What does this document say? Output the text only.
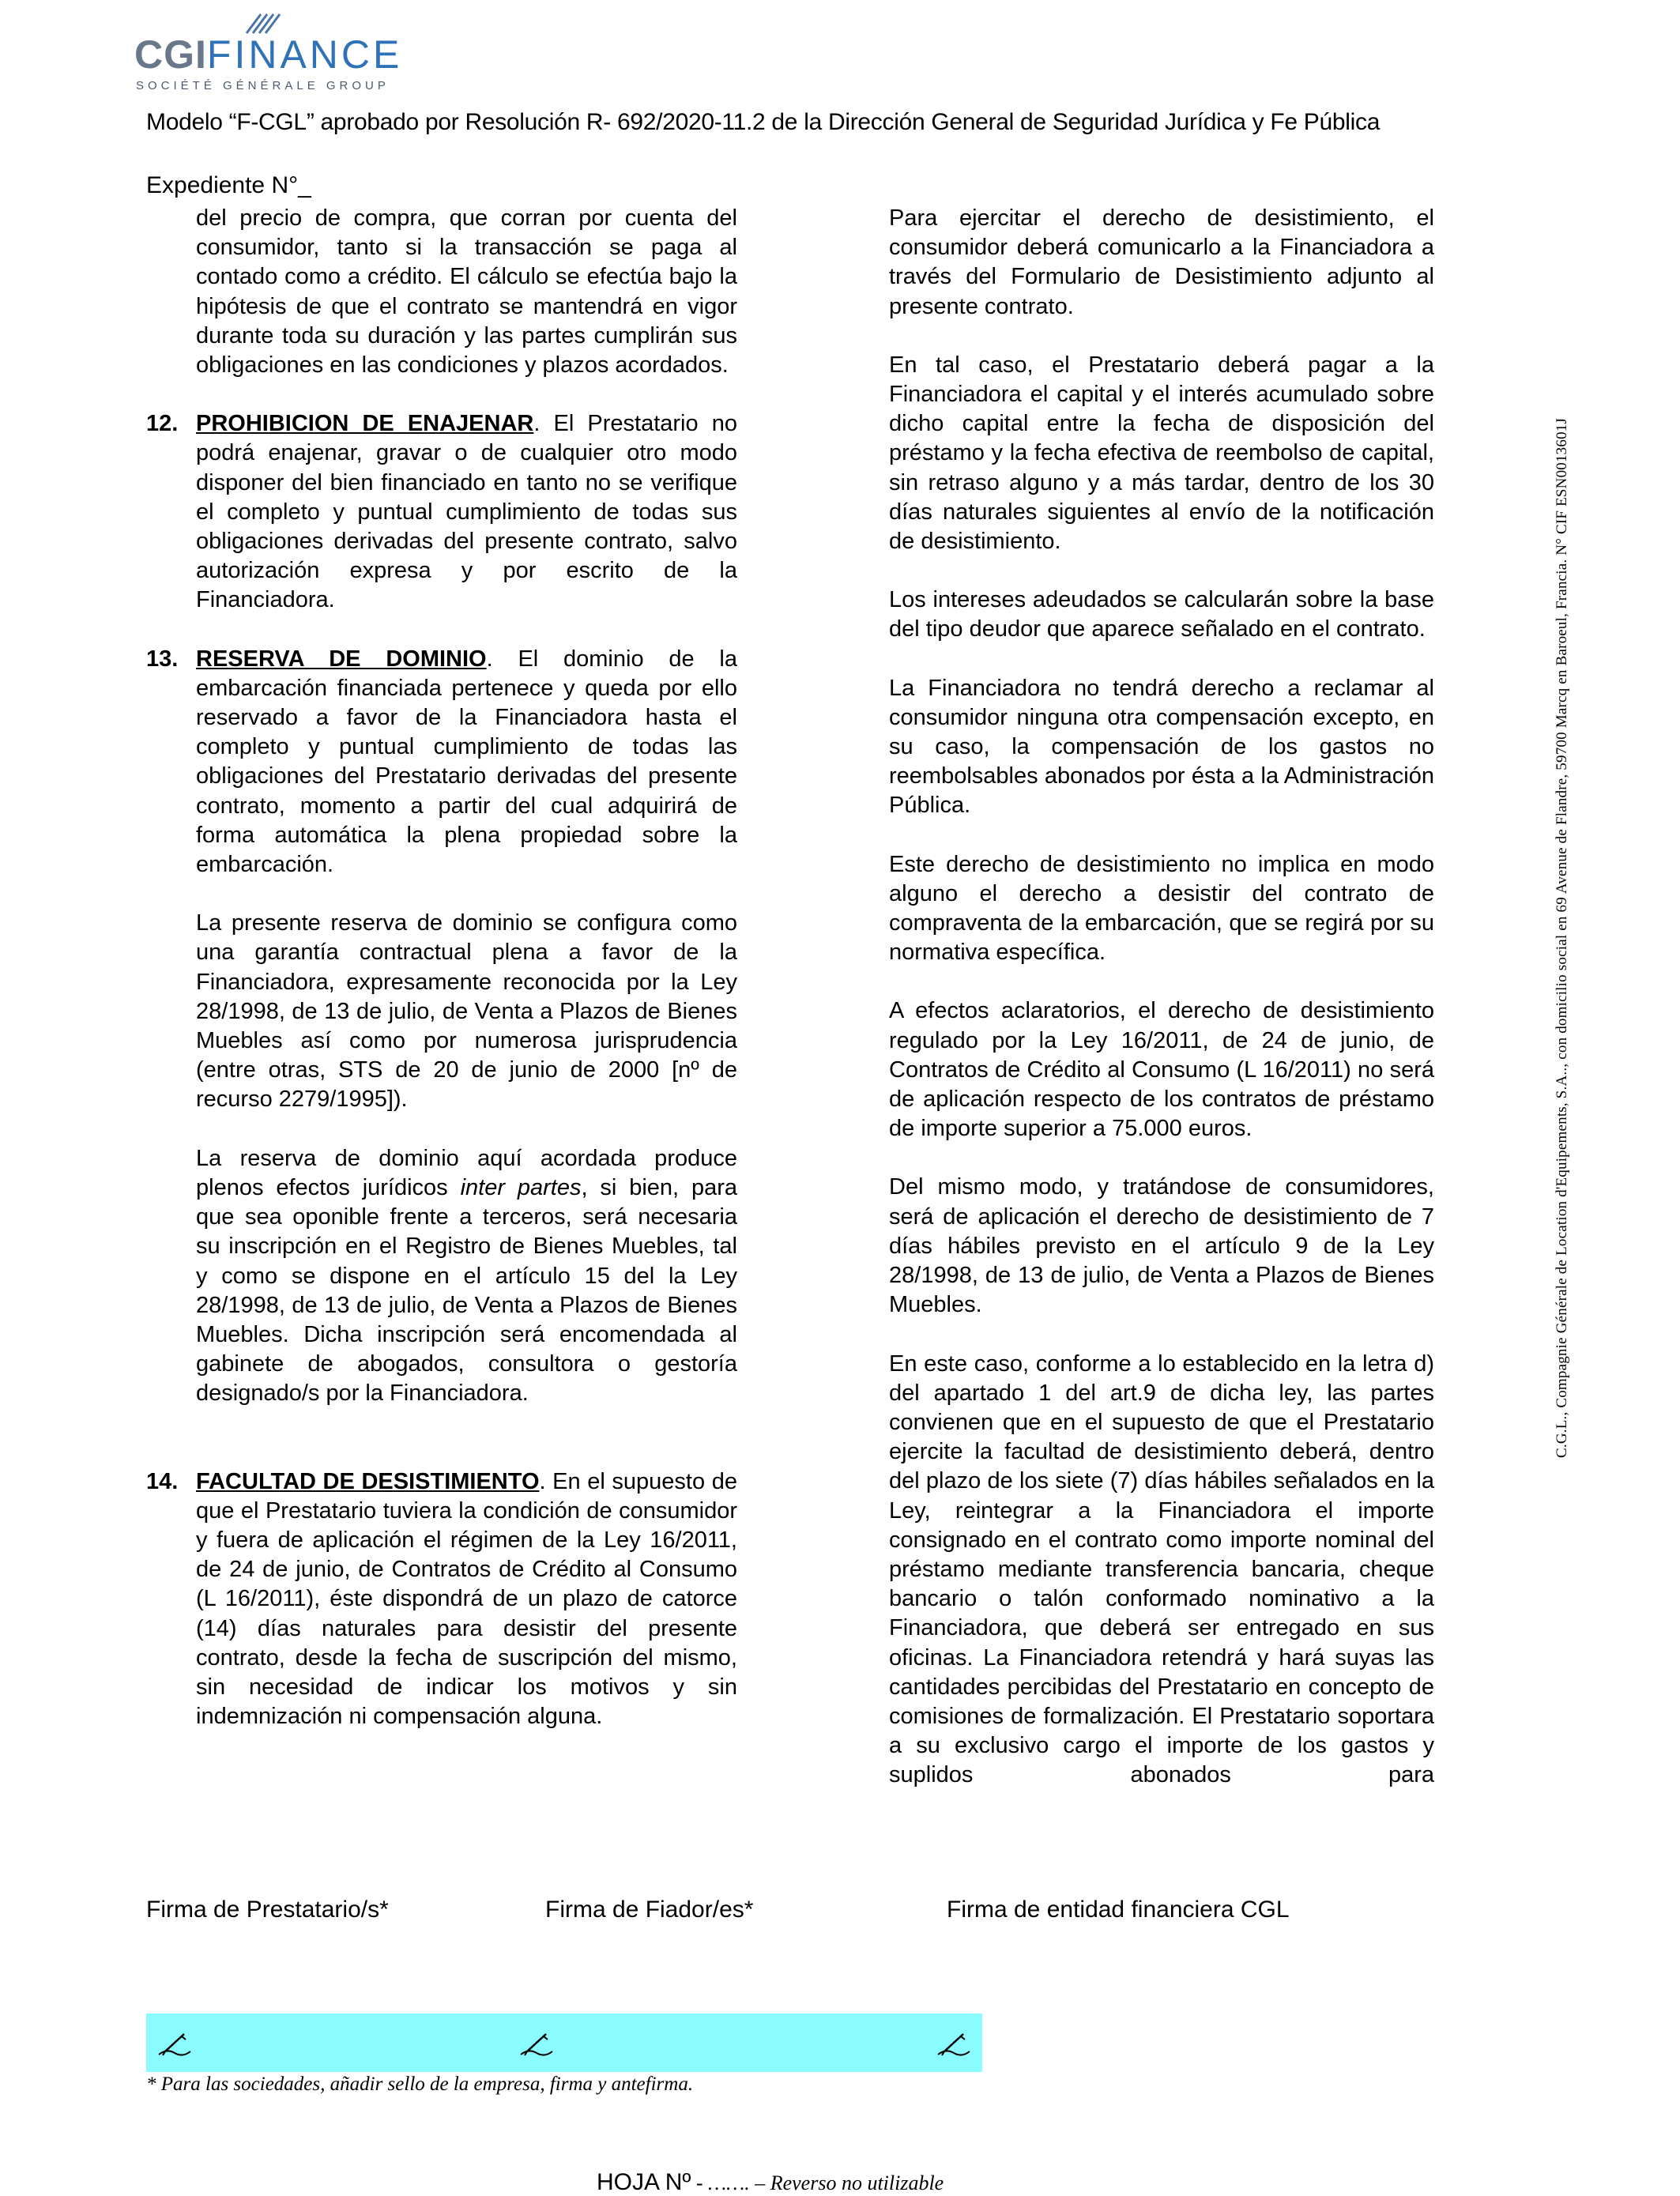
CGIFINANCE
SOCIÉTÉ GÉNÉRALE GROUP
Modelo “F-CGL” aprobado por Resolución R- 692/2020-11.2 de la Dirección General de Seguridad Jurídica y Fe Pública
Expediente N°_
del precio de compra, que corran por cuenta del consumidor, tanto si la transacción se paga al contado como a crédito. El cálculo se efectúa bajo la hipótesis de que el contrato se mantendrá en vigor durante toda su duración y las partes cumplirán sus obligaciones en las condiciones y plazos acordados.
12. PROHIBICION DE ENAJENAR. El Prestatario no podrá enajenar, gravar o de cualquier otro modo disponer del bien financiado en tanto no se verifique el completo y puntual cumplimiento de todas sus obligaciones derivadas del presente contrato, salvo autorización expresa y por escrito de la Financiadora.
13. RESERVA DE DOMINIO. El dominio de la embarcación financiada pertenece y queda por ello reservado a favor de la Financiadora hasta el completo y puntual cumplimiento de todas las obligaciones del Prestatario derivadas del presente contrato, momento a partir del cual adquirirá de forma automática la plena propiedad sobre la embarcación.
La presente reserva de dominio se configura como una garantía contractual plena a favor de la Financiadora, expresamente reconocida por la Ley 28/1998, de 13 de julio, de Venta a Plazos de Bienes Muebles así como por numerosa jurisprudencia (entre otras, STS de 20 de junio de 2000 [nº de recurso 2279/1995]).
La reserva de dominio aquí acordada produce plenos efectos jurídicos inter partes, si bien, para que sea oponible frente a terceros, será necesaria su inscripción en el Registro de Bienes Muebles, tal y como se dispone en el artículo 15 del la Ley 28/1998, de 13 de julio, de Venta a Plazos de Bienes Muebles. Dicha inscripción será encomendada al gabinete de abogados, consultora o gestoría designado/s por la Financiadora.
14. FACULTAD DE DESISTIMIENTO. En el supuesto de que el Prestatario tuviera la condición de consumidor y fuera de aplicación el régimen de la Ley 16/2011, de 24 de junio, de Contratos de Crédito al Consumo (L 16/2011), éste dispondrá de un plazo de catorce (14) días naturales para desistir del presente contrato, desde la fecha de suscripción del mismo, sin necesidad de indicar los motivos y sin indemnización ni compensación alguna.
Para ejercitar el derecho de desistimiento, el consumidor deberá comunicarlo a la Financiadora a través del Formulario de Desistimiento adjunto al presente contrato.
En tal caso, el Prestatario deberá pagar a la Financiadora el capital y el interés acumulado sobre dicho capital entre la fecha de disposición del préstamo y la fecha efectiva de reembolso de capital, sin retraso alguno y a más tardar, dentro de los 30 días naturales siguientes al envío de la notificación de desistimiento.
Los intereses adeudados se calcularán sobre la base del tipo deudor que aparece señalado en el contrato.
La Financiadora no tendrá derecho a reclamar al consumidor ninguna otra compensación excepto, en su caso, la compensación de los gastos no reembolsables abonados por ésta a la Administración Pública.
Este derecho de desistimiento no implica en modo alguno el derecho a desistir del contrato de compraventa de la embarcación, que se regirá por su normativa específica.
A efectos aclaratorios, el derecho de desistimiento regulado por la Ley 16/2011, de 24 de junio, de Contratos de Crédito al Consumo (L 16/2011) no será de aplicación respecto de los contratos de préstamo de importe superior a 75.000 euros.
Del mismo modo, y tratándose de consumidores, será de aplicación el derecho de desistimiento de 7 días hábiles previsto en el artículo 9 de la Ley 28/1998, de 13 de julio, de Venta a Plazos de Bienes Muebles.
En este caso, conforme a lo establecido en la letra d) del apartado 1 del art.9 de dicha ley, las partes convienen que en el supuesto de que el Prestatario ejercite la facultad de desistimiento deberá, dentro del plazo de los siete (7) días hábiles señalados en la Ley, reintegrar a la Financiadora el importe consignado en el contrato como importe nominal del préstamo mediante transferencia bancaria, cheque bancario o talón conformado nominativo a la Financiadora, que deberá ser entregado en sus oficinas. La Financiadora retendrá y hará suyas las cantidades percibidas del Prestatario en concepto de comisiones de formalización. El Prestatario soportara a su exclusivo cargo el importe de los gastos y suplidos abonados para
C.G.L., Compagnie Générale de Location d'Equipements, S.A.., con domicilio social en 69 Avenue de Flandre, 59700 Marcq en Baroeul, Francia. N° CIF ESN0013601J
Firma de Prestatario/s*	Firma de Fiador/es*	Firma de entidad financiera CGL
* Para las sociedades, añadir sello de la empresa, firma y antefirma.
HOJA Nº - ……. – Reverso no utilizable
